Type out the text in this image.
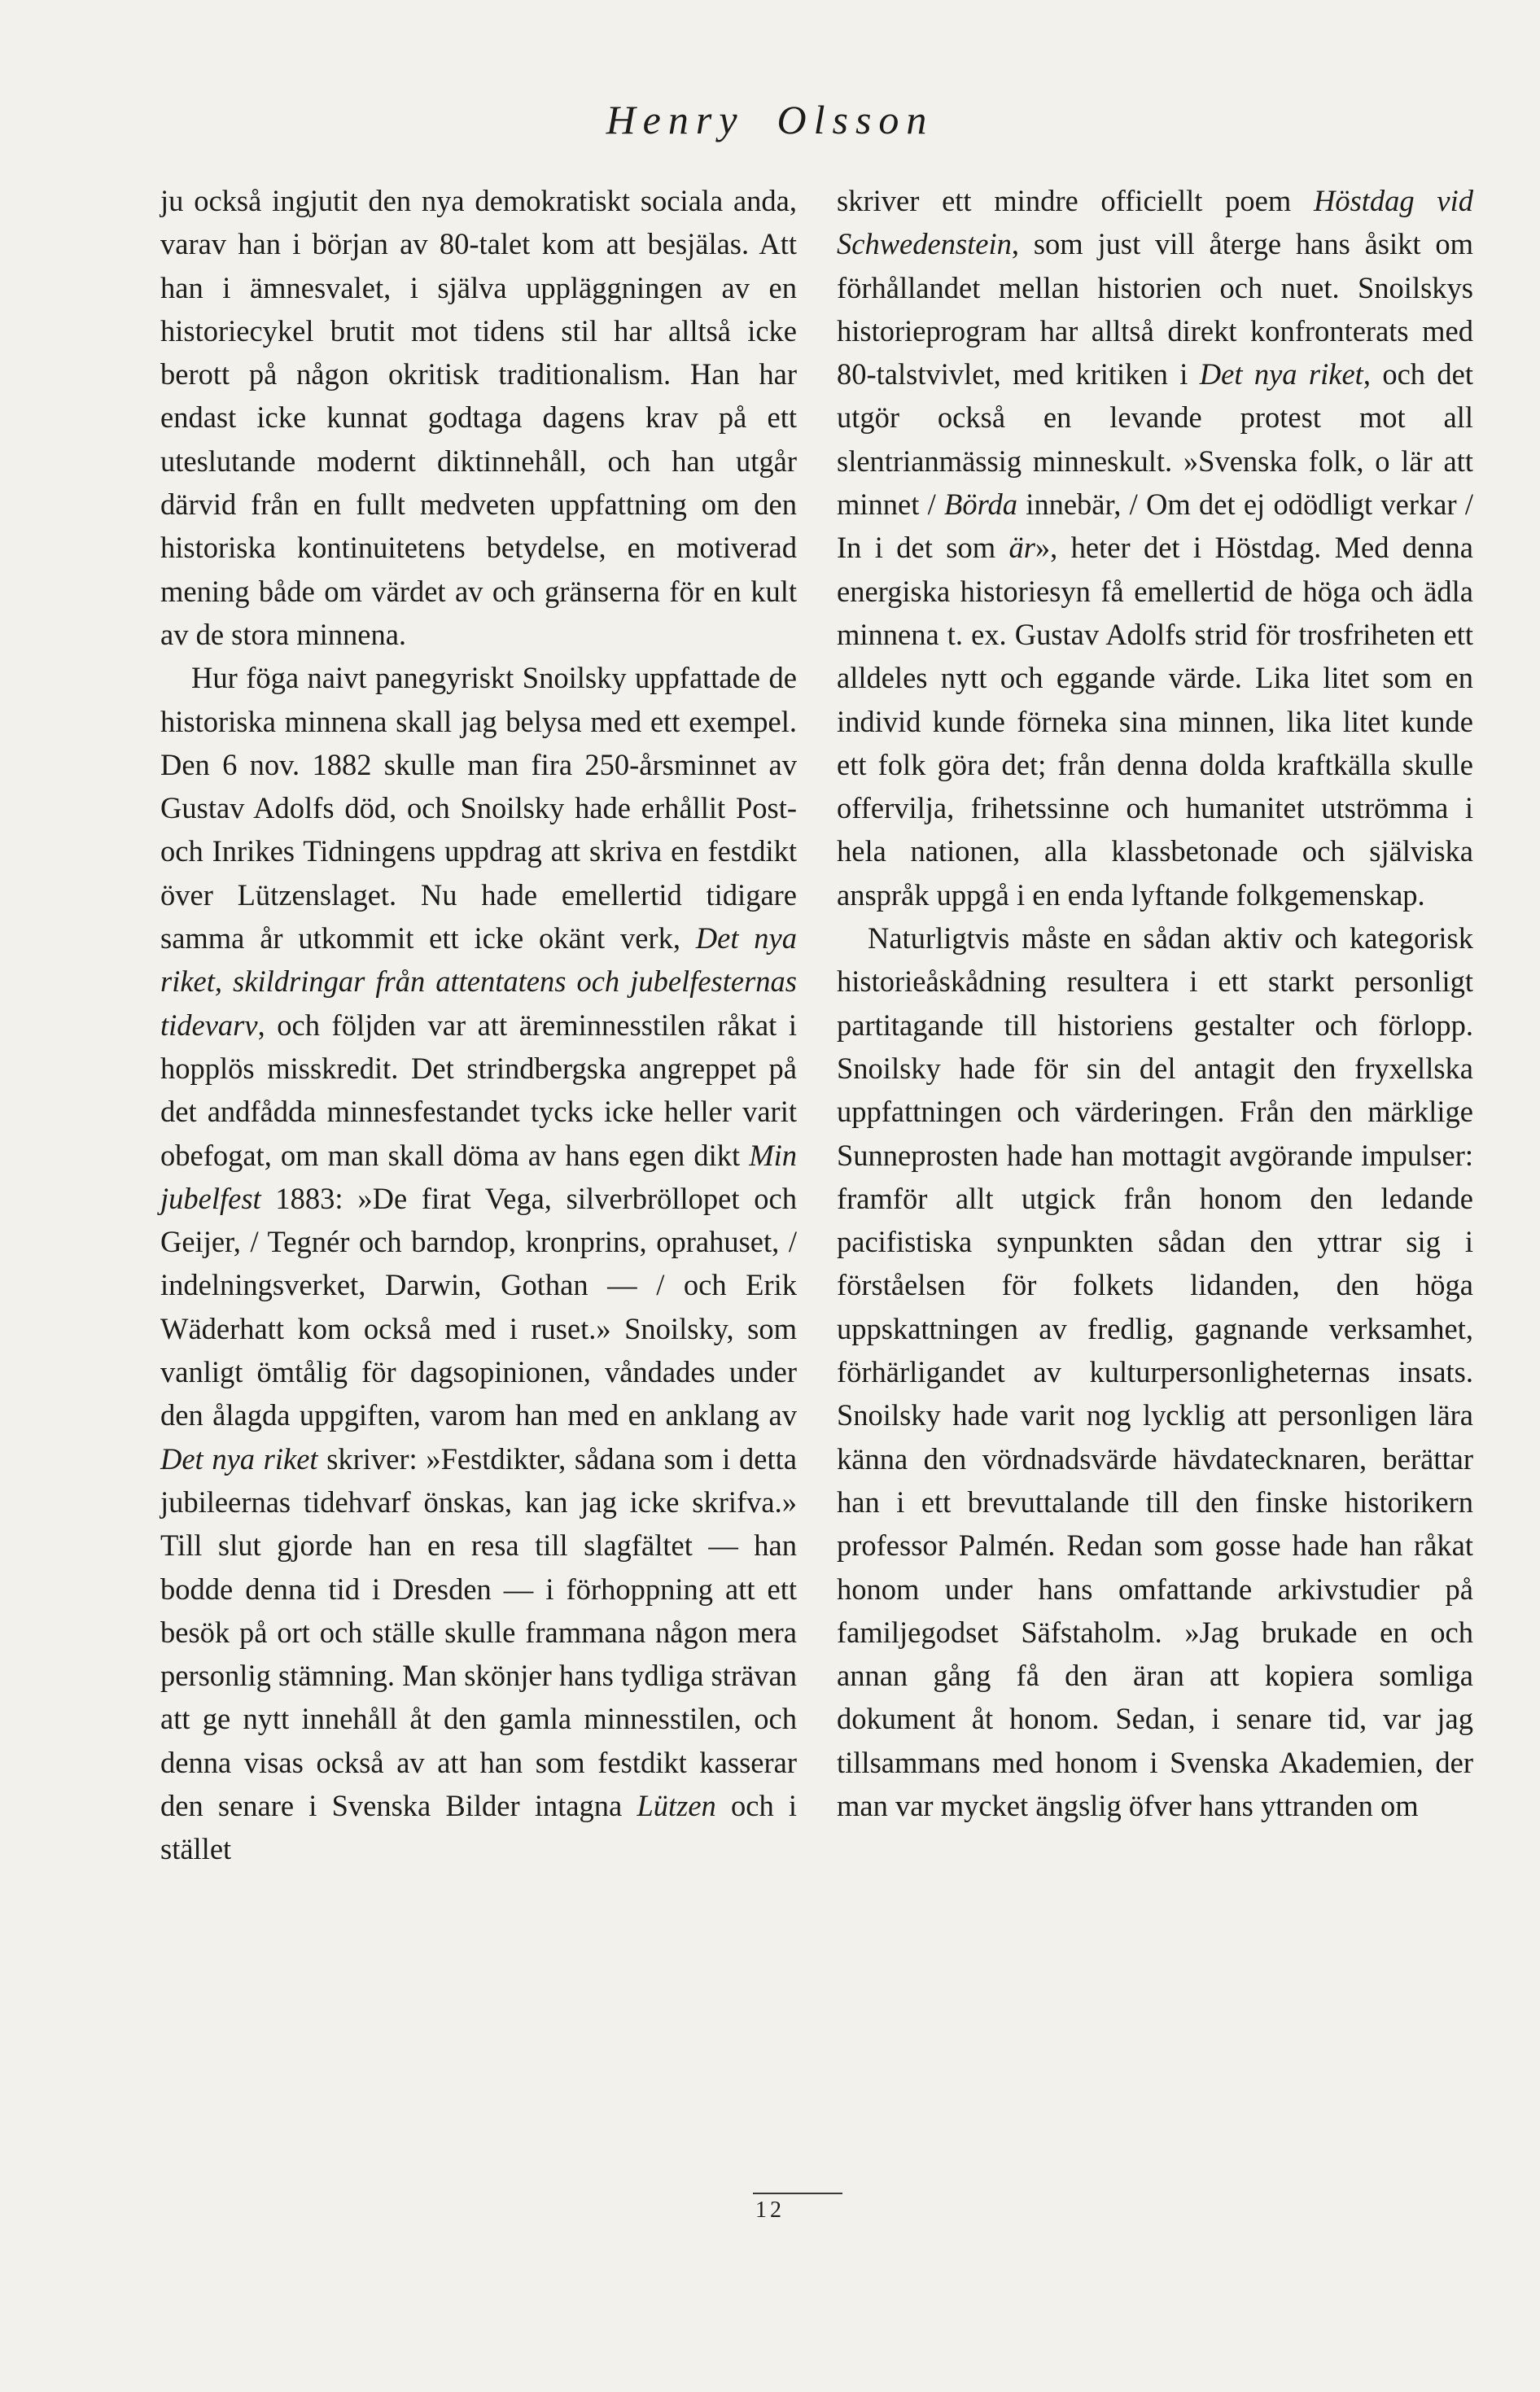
Henry Olsson

ju också ingjutit den nya demokratiskt sociala anda, varav han i början av 80-talet kom att besjälas. Att han i ämnesvalet, i själva uppläggningen av en historiecykel brutit mot tidens stil har alltså icke berott på någon okritisk traditionalism. Han har endast icke kunnat godtaga dagens krav på ett uteslutande modernt diktinnehåll, och han utgår därvid från en fullt medveten uppfattning om den historiska kontinuitetens betydelse, en motiverad mening både om värdet av och gränserna för en kult av de stora minnena.

Hur föga naivt panegyriskt Snoilsky uppfattade de historiska minnena skall jag belysa med ett exempel. Den 6 nov. 1882 skulle man fira 250-årsminnet av Gustav Adolfs död, och Snoilsky hade erhållit Post- och Inrikes Tidningens uppdrag att skriva en festdikt över Lützenslaget. Nu hade emellertid tidigare samma år utkommit ett icke okänt verk, Det nya riket, skildringar från attentatens och jubelfesternas tidevarv, och följden var att äreminnesstilen råkat i hopplös misskredit. Det strindbergska angreppet på det andfådda minnesfestandet tycks icke heller varit obefogat, om man skall döma av hans egen dikt Min jubelfest 1883: »De firat Vega, silverbröllopet och Geijer, / Tegnér och barndop, kronprins, oprahuset, / indelningsverket, Darwin, Gothan — / och Erik Wäderhatt kom också med i ruset.» Snoilsky, som vanligt ömtålig för dagsopinionen, våndades under den ålagda uppgiften, varom han med en anklang av Det nya riket skriver: »Festdikter, sådana som i detta jubileernas tidehvarf önskas, kan jag icke skrifva.» Till slut gjorde han en resa till slagfältet — han bodde denna tid i Dresden — i förhoppning att ett besök på ort och ställe skulle frammana någon mera personlig stämning. Man skönjer hans tydliga strävan att ge nytt innehåll åt den gamla minnesstilen, och denna visas också av att han som festdikt kasserar den senare i Svenska Bilder intagna Lützen och i stället

skriver ett mindre officiellt poem Höstdag vid Schwedenstein, som just vill återge hans åsikt om förhållandet mellan historien och nuet. Snoilskys historieprogram har alltså direkt konfronterats med 80-talstvivlet, med kritiken i Det nya riket, och det utgör också en levande protest mot all slentrianmässig minneskult. »Svenska folk, o lär att minnet / Börda innebär, / Om det ej odödligt verkar / In i det som är», heter det i Höstdag. Med denna energiska historiesyn få emellertid de höga och ädla minnena t. ex. Gustav Adolfs strid för trosfriheten ett alldeles nytt och eggande värde. Lika litet som en individ kunde förneka sina minnen, lika litet kunde ett folk göra det; från denna dolda kraftkälla skulle offervilja, frihetssinne och humanitet utströmma i hela nationen, alla klassbetonade och själviska anspråk uppgå i en enda lyftande folkgemenskap.

Naturligtvis måste en sådan aktiv och kategorisk historieåskådning resultera i ett starkt personligt partitagande till historiens gestalter och förlopp. Snoilsky hade för sin del antagit den fryxellska uppfattningen och värderingen. Från den märklige Sunneprosten hade han mottagit avgörande impulser: framför allt utgick från honom den ledande pacifistiska synpunkten sådan den yttrar sig i förståelsen för folkets lidanden, den höga uppskattningen av fredlig, gagnande verksamhet, förhärligandet av kulturpersonligheternas insats. Snoilsky hade varit nog lycklig att personligen lära känna den vördnadsvärde hävdatecknaren, berättar han i ett brevuttalande till den finske historikern professor Palmén. Redan som gosse hade han råkat honom under hans omfattande arkivstudier på familjegodset Säfstaholm. »Jag brukade en och annan gång få den äran att kopiera somliga dokument åt honom. Sedan, i senare tid, var jag tillsammans med honom i Svenska Akademien, der man var mycket ängslig öfver hans yttranden om

12
